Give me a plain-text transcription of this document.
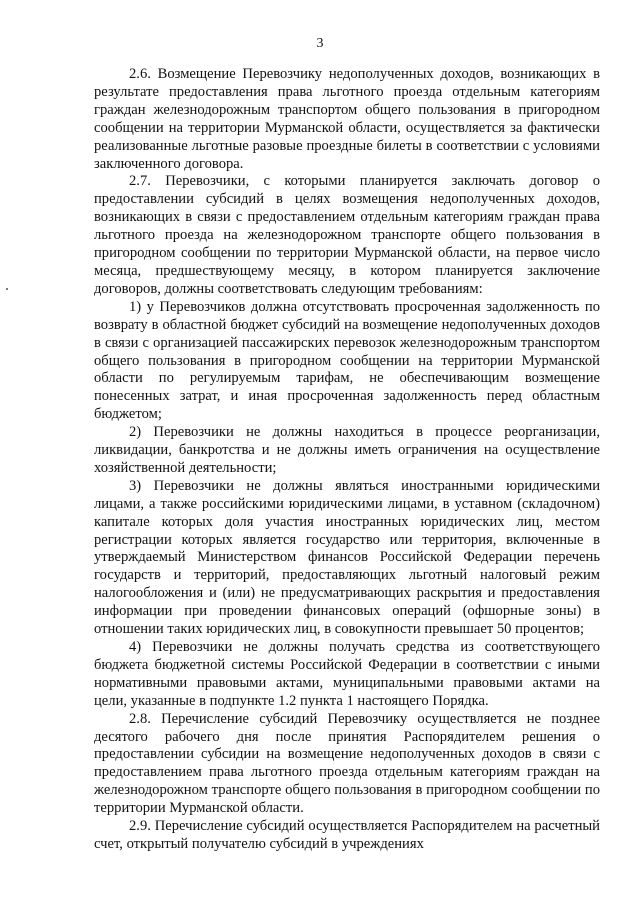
3

2.6. Возмещение Перевозчику недополученных доходов, возникающих в результате предоставления права льготного проезда отдельным категориям граждан железнодорожным транспортом общего пользования в пригородном сообщении на территории Мурманской области, осуществляется за фактически реализованные льготные разовые проездные билеты в соответствии с условиями заключенного договора.

2.7. Перевозчики, с которыми планируется заключать договор о предоставлении субсидий в целях возмещения недополученных доходов, возникающих в связи с предоставлением отдельным категориям граждан права льготного проезда на железнодорожном транспорте общего пользования в пригородном сообщении по территории Мурманской области, на первое число месяца, предшествующему месяцу, в котором планируется заключение договоров, должны соответствовать следующим требованиям:

1) у Перевозчиков должна отсутствовать просроченная задолженность по возврату в областной бюджет субсидий на возмещение недополученных доходов в связи с организацией пассажирских перевозок железнодорожным транспортом общего пользования в пригородном сообщении на территории Мурманской области по регулируемым тарифам, не обеспечивающим возмещение понесенных затрат, и иная просроченная задолженность перед областным бюджетом;

2) Перевозчики не должны находиться в процессе реорганизации, ликвидации, банкротства и не должны иметь ограничения на осуществление хозяйственной деятельности;

3) Перевозчики не должны являться иностранными юридическими лицами, а также российскими юридическими лицами, в уставном (складочном) капитале которых доля участия иностранных юридических лиц, местом регистрации которых является государство или территория, включенные в утверждаемый Министерством финансов Российской Федерации перечень государств и территорий, предоставляющих льготный налоговый режим налогообложения и (или) не предусматривающих раскрытия и предоставления информации при проведении финансовых операций (офшорные зоны) в отношении таких юридических лиц, в совокупности превышает 50 процентов;

4) Перевозчики не должны получать средства из соответствующего бюджета бюджетной системы Российской Федерации в соответствии с иными нормативными правовыми актами, муниципальными правовыми актами на цели, указанные в подпункте 1.2 пункта 1 настоящего Порядка.

2.8. Перечисление субсидий Перевозчику осуществляется не позднее десятого рабочего дня после принятия Распорядителем решения о предоставлении субсидии на возмещение недополученных доходов в связи с предоставлением права льготного проезда отдельным категориям граждан на железнодорожном транспорте общего пользования в пригородном сообщении по территории Мурманской области.

2.9. Перечисление субсидий осуществляется Распорядителем на расчетный счет, открытый получателю субсидий в учреждениях
